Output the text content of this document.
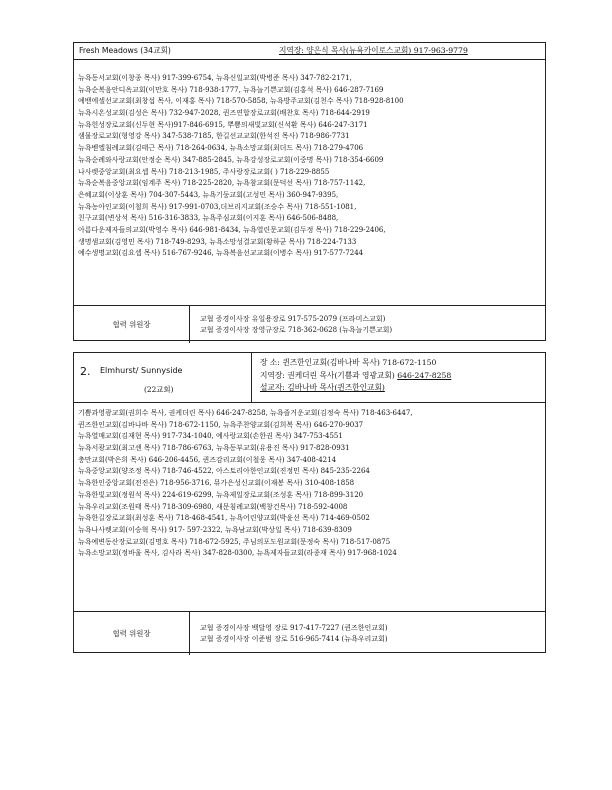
Fresh Meadows (34교회)	지역장: 양은식 목사(뉴욕카이로스교회) 917-963-9779
뉴욕동서교회(이창종 목사) 917-399-6754, 뉴욕신일교회(박병준 목사) 347-782-2171,
뉴욕순복음안디옥교회(이만호 목사) 718-938-1777, 뉴욕늘기쁜교회(김홍석 목사) 646-287-7169
예밴에셀선교교회(최창섭 목사, 이재홍 목사) 718-570-5858, 뉴욕방주교회(김천수 목사) 718-928-8100
뉴욕시온성교회(김성은 목사) 732-947-2028, 퀸즈연합장로교회(배찬호 목사) 718-644-2919
뉴욕헌성장로교회(신두현 목사)917-846-6915, 뿌쁨의새빛교회(신석환 목사) 646-247-3171
샘물장로교회(형영강 목사) 347-538-7185, 한길선교교회(한석진 목사) 718-986-7731
뉴욕벧엘침례교회(김태근 목사) 718-264-0634, 뉴욕소망교회(최더드 목사) 718-279-4706
뉴욕순례와사랑교회(안정순 목사) 347-885-2845, 뉴욕강성장로교회(이중명 목사) 718-354-6609
나사렛중앙교회(최요셉 목사) 718-213-1985, 주사랑장로교회( ) 718-229-8855
뉴욕순복음중앙교회(임계주 목사) 718-225-2820, 뉴욕참교회(문덕선 목사) 718-757-1142,
은혜교회(이상훈 목사) 704-307-5443, 뉴욕기둥교회(고성민 목사) 360-947-9395,
뉴욕농아인교회(이철희 목사) 917-991-0703,더브리지교회(조승수 목사) 718-551-1081,
친구교회(변상석 목사) 516-316-3833, 뉴욕주심교회(이지훈 목사) 646-506-8488,
아름다운제자들의교회(박영수 목사) 646-981-8434, 뉴욕열린문교회(김두정 목사) 718-229-2406,
생명샘교회(김영민 목사) 718-749-8293, 뉴욕소망성결교회(황하균 목사) 718-224-7133
예수생명교회(김요셉 목사) 516-767-9246, 뉴욕복음선교교회(이병수 목사) 917-577-7244
협력 위원장
교협 증경이사장 유일용장로 917-575-2079 (프라미스교회)
교협 증경이사장 장영규장로 718-362-0628 (뉴욕늘기쁜교회)
2. Elmhurst/ Sunnyside
(22교회)
장 소: 퀸즈한인교회(김바나바 목사) 718-672-1150
지역장: 권케더린 목사(기쁨과 영광교회) 646-247-8258
설교자: 김바나바 목사(퀸즈한인교회)
기쁨과영광교회(권희수 목사, 권케더린 목사) 646-247-8258, 뉴욕즐거운교회(김정숙 목사) 718-463-6447,
퀸즈한인교회(김바나바 목사) 718-672-1150, 뉴욕주찬양교회(김희복 목사) 646-270-9037
뉴욕열매교회(김재현 목사) 917-734-1040, 예사랑교회(손한권 목사) 347-753-4551
뉴욕서광교회(최고센 목사) 718-786-6763, 뉴욕동부교회(유용진 목사) 917-828-0931
충만교회(박은희 목사) 646-206-4456, 퀸즈감리교회(이철웅 목사) 347-408-4214
뉴욕중앙교회(양조정 목사) 718-746-4522, 아스토리아한인교회(진정민 목사) 845-235-2264
뉴욕한인중앙교회(전진은) 718-956-3716, 뮤가은성신교회(이재봉 목사) 310-408-1858
뉴욕한빛교회(정원석 목사) 224-619-6299, 뉴욕제일장로교회(조성훈 목사) 718-899-3120
뉴욕우리교회(조원태 목사) 718-309-6980, 새문침례교회(백창건목사) 718-592-4008
뉴욕한길장로교회(최성훈 목사) 718-468-4541, 뉴욕어린양교회(박윤선 목사) 714-469-0502
뉴욕나사렛교회(이승혁 목사) 917- 597-2322, 뉴욕남교회(박상일 목사) 718-639-8309
뉴욕예변동산장로교회(김명호 목사) 718-672-5925, 주님의포도원교회(문정숙 목사) 718-517-0875
뉴욕소망교회(정바울 목사, 김사라 목사) 347-828-0300, 뉴욕제자들교회(라종재 목사) 917-968-1024
협력 위원장
교협 증경이사장 백달영 장로 917-417-7227 (퀸즈한인교회)
교협 증경이사장 이준범 장로 516-965-7414 (뉴욕우리교회)
